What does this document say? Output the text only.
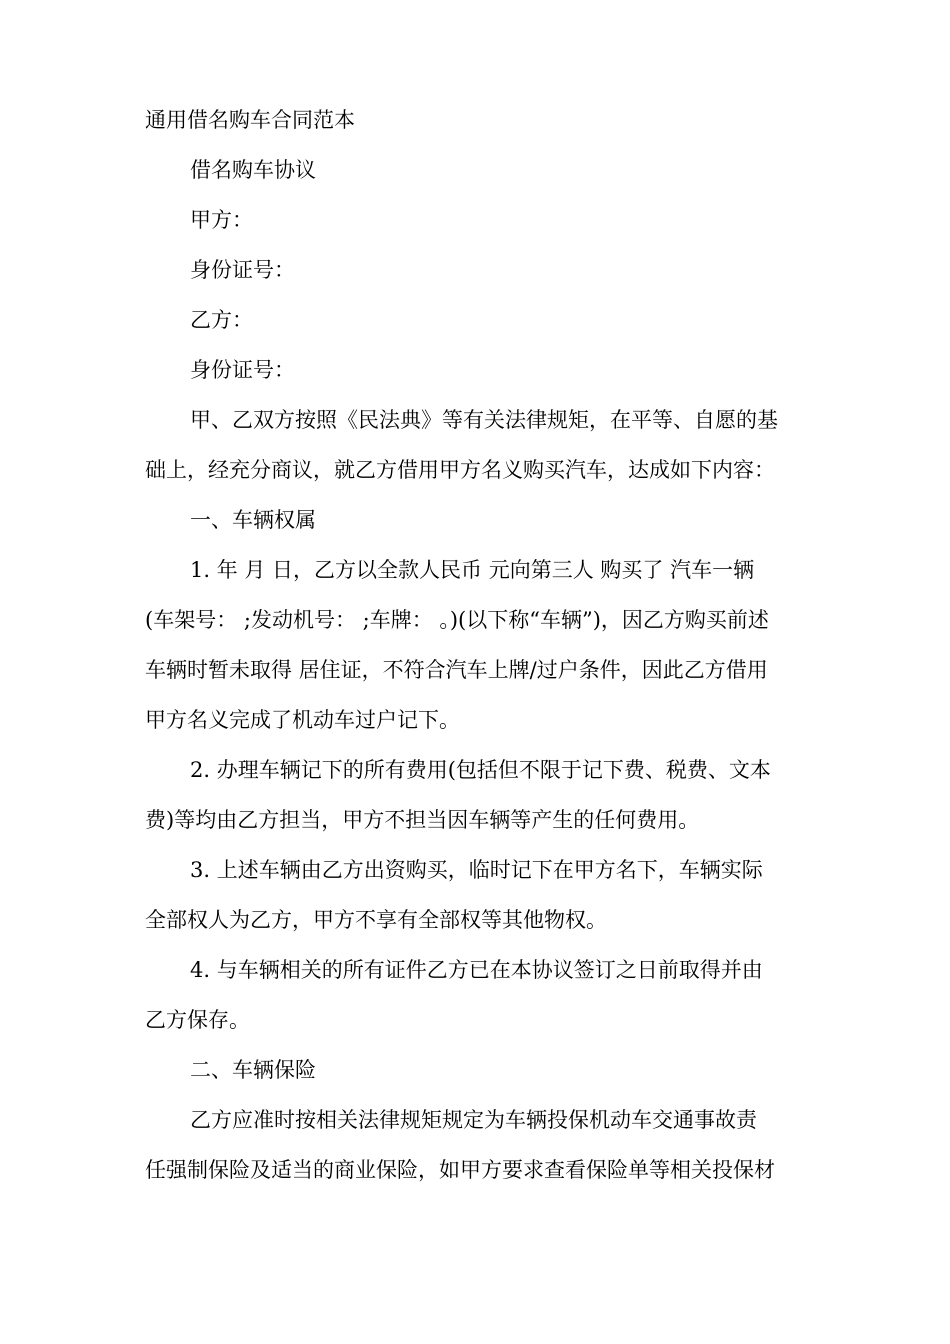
通用借名购车合同范本
借名购车协议
甲方：
身份证号：
乙方：
身份证号：
甲、乙双方按照《民法典》等有关法律规矩，在平等、自愿的基
础上，经充分商议，就乙方借用甲方名义购买汽车，达成如下内容：
一、车辆权属
1. 年 月 日，乙方以全款人民币 元向第三人 购买了 汽车一辆
(车架号： ;发动机号： ;车牌： 。)(以下称“车辆”)，因乙方购买前述
车辆时暂未取得 居住证，不符合汽车上牌/过户条件，因此乙方借用
甲方名义完成了机动车过户记下。
2. 办理车辆记下的所有费用(包括但不限于记下费、税费、文本
费)等均由乙方担当，甲方不担当因车辆等产生的任何费用。
3. 上述车辆由乙方出资购买，临时记下在甲方名下，车辆实际
全部权人为乙方，甲方不享有全部权等其他物权。
4. 与车辆相关的所有证件乙方已在本协议签订之日前取得并由
乙方保存。
二、车辆保险
乙方应准时按相关法律规矩规定为车辆投保机动车交通事故责
任强制保险及适当的商业保险，如甲方要求查看保险单等相关投保材
